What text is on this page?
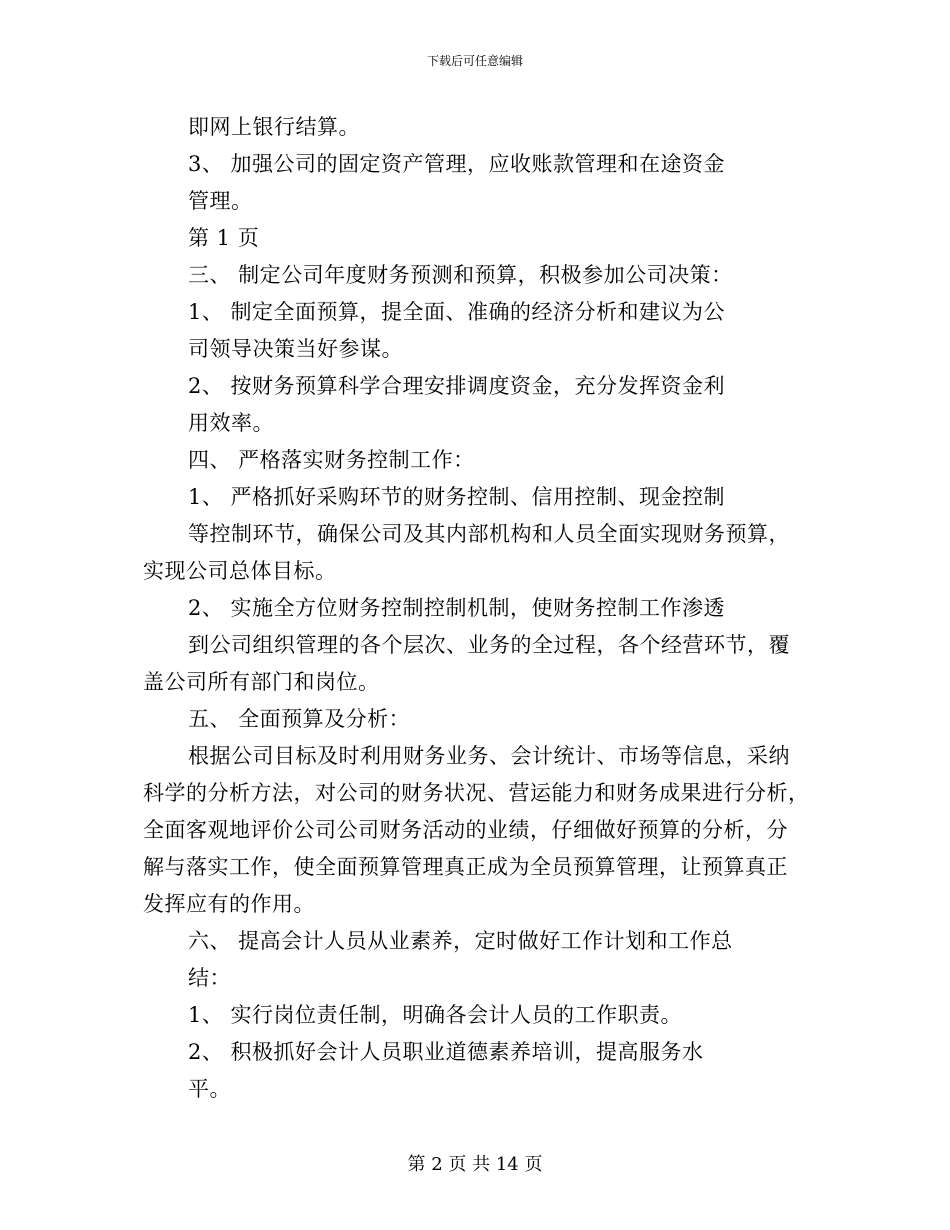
下载后可任意编辑
即网上银行结算。
3、 加强公司的固定资产管理，应收账款管理和在途资金
管理。
第 1 页
三、 制定公司年度财务预测和预算，积极参加公司决策：
1、 制定全面预算，提全面、准确的经济分析和建议为公
司领导决策当好参谋。
2、 按财务预算科学合理安排调度资金，充分发挥资金利
用效率。
四、 严格落实财务控制工作：
1、 严格抓好采购环节的财务控制、信用控制、现金控制
等控制环节，确保公司及其内部机构和人员全面实现财务预算，
实现公司总体目标。
2、 实施全方位财务控制控制机制，使财务控制工作渗透
到公司组织管理的各个层次、业务的全过程，各个经营环节，覆
盖公司所有部门和岗位。
五、 全面预算及分析：
根据公司目标及时利用财务业务、会计统计、市场等信息，采纳
科学的分析方法，对公司的财务状况、营运能力和财务成果进行分析，
全面客观地评价公司公司财务活动的业绩，仔细做好预算的分析，分
解与落实工作，使全面预算管理真正成为全员预算管理，让预算真正
发挥应有的作用。
六、 提高会计人员从业素养，定时做好工作计划和工作总
结：
1、 实行岗位责任制，明确各会计人员的工作职责。
2、 积极抓好会计人员职业道德素养培训，提高服务水
平。
第 2 页 共 14 页
